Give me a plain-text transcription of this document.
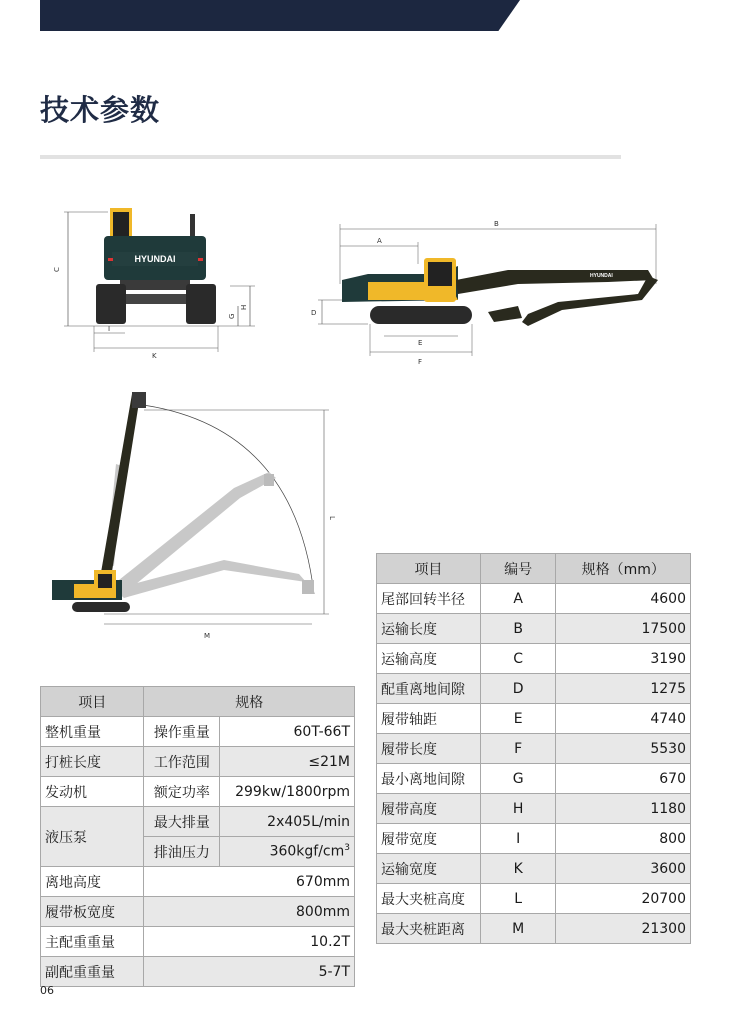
技术参数
C
H
G
I
K
HYUNDAI
B
A
D
E
F
HYUNDAI
L
M
项目	规格	
整机重量	操作重量	60T-66T
打桩长度	工作范围	≤21M
发动机	额定功率	299kw/1800rpm
液压泵	最大排量	2x405L/min
	排油压力	$360kgf/cm^3$
离地高度	670mm	
履带板宽度	800mm	
主配重重量	10.2T	
副配重重量	5-7T	
项目	编号	规格（mm）
尾部回转半径	A	4600
运输长度	B	17500
运输高度	C	3190
配重离地间隙	D	1275
履带轴距	E	4740
履带长度	F	5530
最小离地间隙	G	670
履带高度	H	1180
履带宽度	I	800
运输宽度	K	3600
最大夹桩高度	L	20700
最大夹桩距离	M	21300
06
